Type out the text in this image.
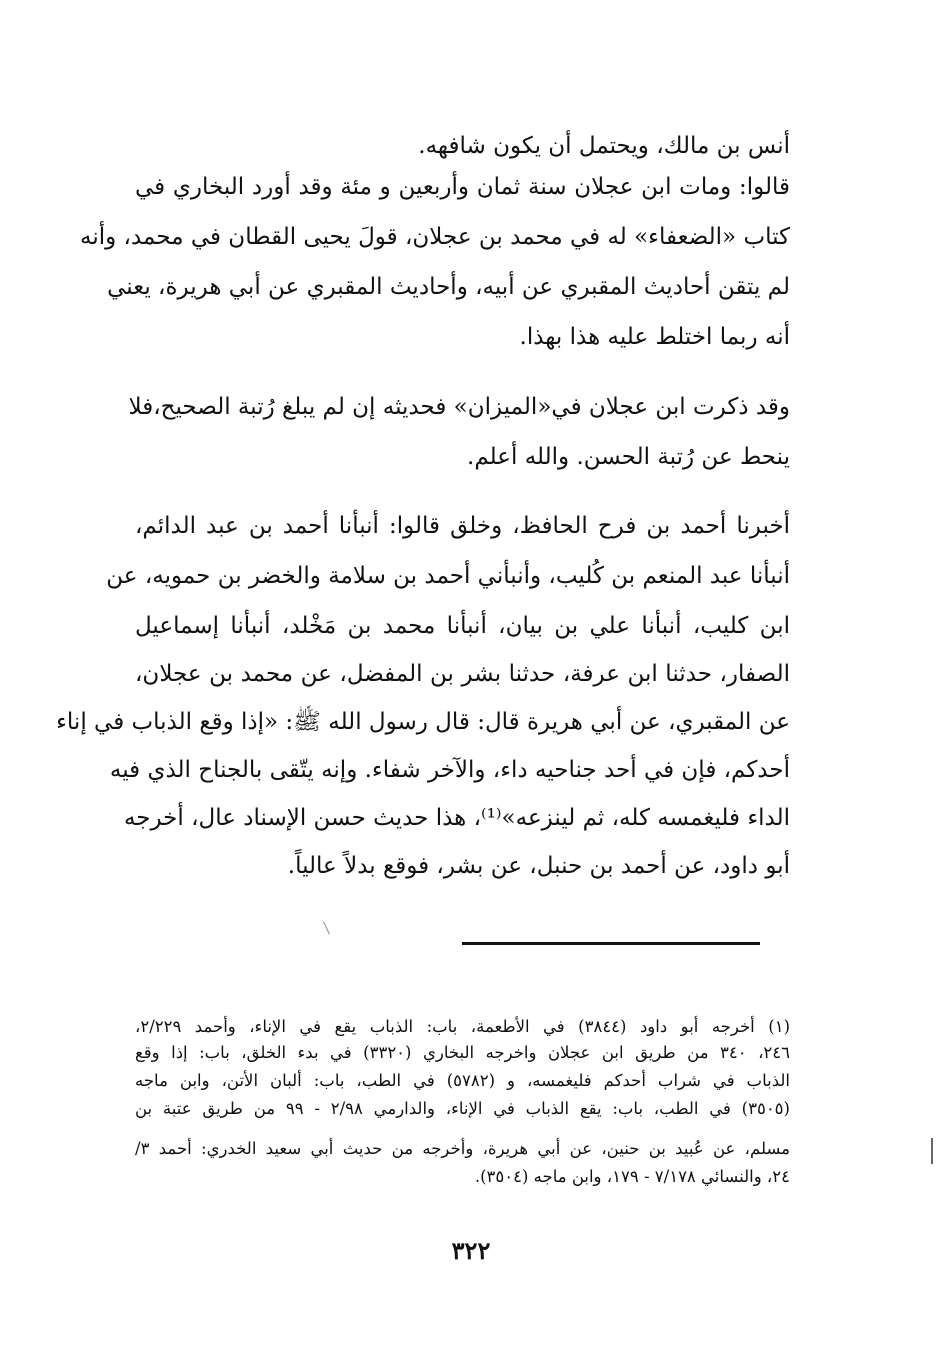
أنس بن مالك، ويحتمل أن يكون شافهه.
قالوا: ومات ابن عجلان سنة ثمان وأربعين و مئة وقد أورد البخاري في
كتاب «الضعفاء» له في محمد بن عجلان، قولَ يحيى القطان في محمد، وأنه
لم يتقن أحاديث المقبري عن أبيه، وأحاديث المقبري عن أبي هريرة، يعني
أنه ربما اختلط عليه هذا بهذا.
وقد ذكرت ابن عجلان في«الميزان» فحديثه إن لم يبلغ رُتبة الصحيح،فلا
ينحط عن رُتبة الحسن. والله أعلم.
أخبرنا أحمد بن فرح الحافظ، وخلق قالوا: أنبأنا أحمد بن عبد الدائم،
أنبأنا عبد المنعم بن كُليب، وأنبأني أحمد بن سلامة والخضر بن حمويه، عن
ابن كليب، أنبأنا علي بن بيان، أنبأنا محمد بن مَخْلد، أنبأنا إسماعيل
الصفار، حدثنا ابن عرفة، حدثنا بشر بن المفضل، عن محمد بن عجلان،
عن المقبري، عن أبي هريرة قال: قال رسول الله ﷺ: «إذا وقع الذباب في إناء
أحدكم، فإن في أحد جناحيه داء، والآخر شفاء. وإنه يتّقى بالجناح الذي فيه
الداء فليغمسه كله، ثم لينزعه»⁽¹⁾، هذا حديث حسن الإسناد عال، أخرجه
أبو داود، عن أحمد بن حنبل، عن بشر، فوقع بدلاً عالياً.
(١) أخرجه أبو داود (٣٨٤٤) في الأطعمة، باب: الذباب يقع في الإناء، وأحمد ٢/٢٢٩،
٢٤٦، ٣٤٠ من طريق ابن عجلان واخرجه البخاري (٣٣٢٠) في بدء الخلق، باب: إذا وقع
الذباب في شراب أحدكم فليغمسه، و (٥٧٨٢) في الطب، باب: ألبان الأتن، وابن ماجه
(٣٥٠٥) في الطب، باب: يقع الذباب في الإناء، والدارمي ٢/٩٨ - ٩٩ من طريق عتبة بن
مسلم، عن عُبيد بن حنين، عن أبي هريرة، وأخرجه من حديث أبي سعيد الخدري: أحمد ٣/
٢٤، والنسائي ٧/١٧٨ - ١٧٩، وابن ماجه (٣٥٠٤).
٣٢٢
